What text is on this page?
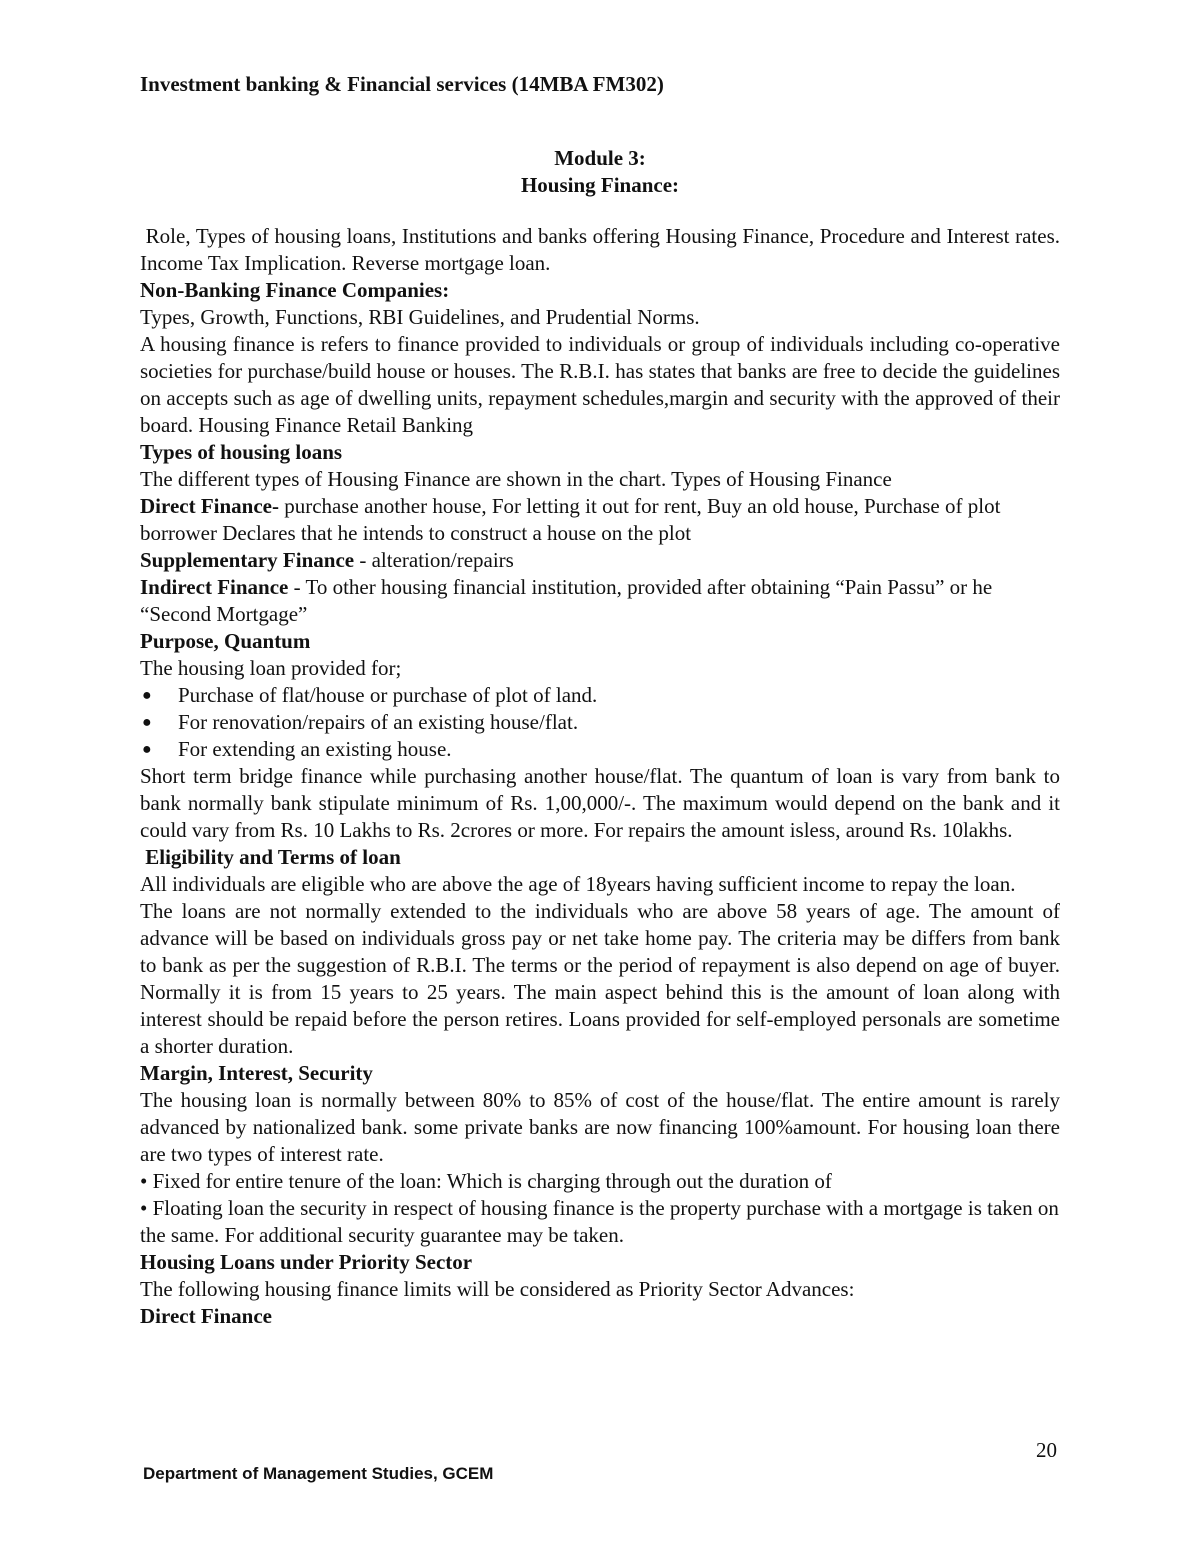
Investment banking & Financial services (14MBA FM302)
Module 3:
Housing Finance:

Role, Types of housing loans, Institutions and banks offering Housing Finance, Procedure and Interest rates. Income Tax Implication. Reverse mortgage loan.

Non-Banking Finance Companies:

Types, Growth, Functions, RBI Guidelines, and Prudential Norms.

A housing finance is refers to finance provided to individuals or group of individuals including co-operative societies for purchase/build house or houses. The R.B.I. has states that banks are free to decide the guidelines on accepts such as age of dwelling units, repayment schedules,margin and security with the approved of their board. Housing Finance Retail Banking

Types of housing loans

The different types of Housing Finance are shown in the chart. Types of Housing Finance

Direct Finance- purchase another house, For letting it out for rent, Buy an old house, Purchase of plot borrower Declares that he intends to construct a house on the plot

Supplementary Finance - alteration/repairs

Indirect Finance - To other housing financial institution, provided after obtaining “Pain Passu” or he “Second Mortgage”

Purpose, Quantum

The housing loan provided for;

● Purchase of flat/house or purchase of plot of land.
● For renovation/repairs of an existing house/flat.
● For extending an existing house.

Short term bridge finance while purchasing another house/flat. The quantum of loan is vary from bank to bank normally bank stipulate minimum of Rs. 1,00,000/-. The maximum would depend on the bank and it could vary from Rs. 10 Lakhs to Rs. 2crores or more. For repairs the amount isless, around Rs. 10lakhs.

Eligibility and Terms of loan

All individuals are eligible who are above the age of 18years having sufficient income to repay the loan.

The loans are not normally extended to the individuals who are above 58 years of age. The amount of advance will be based on individuals gross pay or net take home pay. The criteria may be differs from bank to bank as per the suggestion of R.B.I. The terms or the period of repayment is also depend on age of buyer. Normally it is from 15 years to 25 years. The main aspect behind this is the amount of loan along with interest should be repaid before the person retires. Loans provided for self-employed personals are sometime a shorter duration.

Margin, Interest, Security

The housing loan is normally between 80% to 85% of cost of the house/flat. The entire amount is rarely advanced by nationalized bank. some private banks are now financing 100%amount. For housing loan there are two types of interest rate.

• Fixed for entire tenure of the loan: Which is charging through out the duration of

• Floating loan the security in respect of housing finance is the property purchase with a mortgage is taken on the same. For additional security guarantee may be taken.

Housing Loans under Priority Sector

The following housing finance limits will be considered as Priority Sector Advances:

Direct Finance

20
Department of Management Studies, GCEM
